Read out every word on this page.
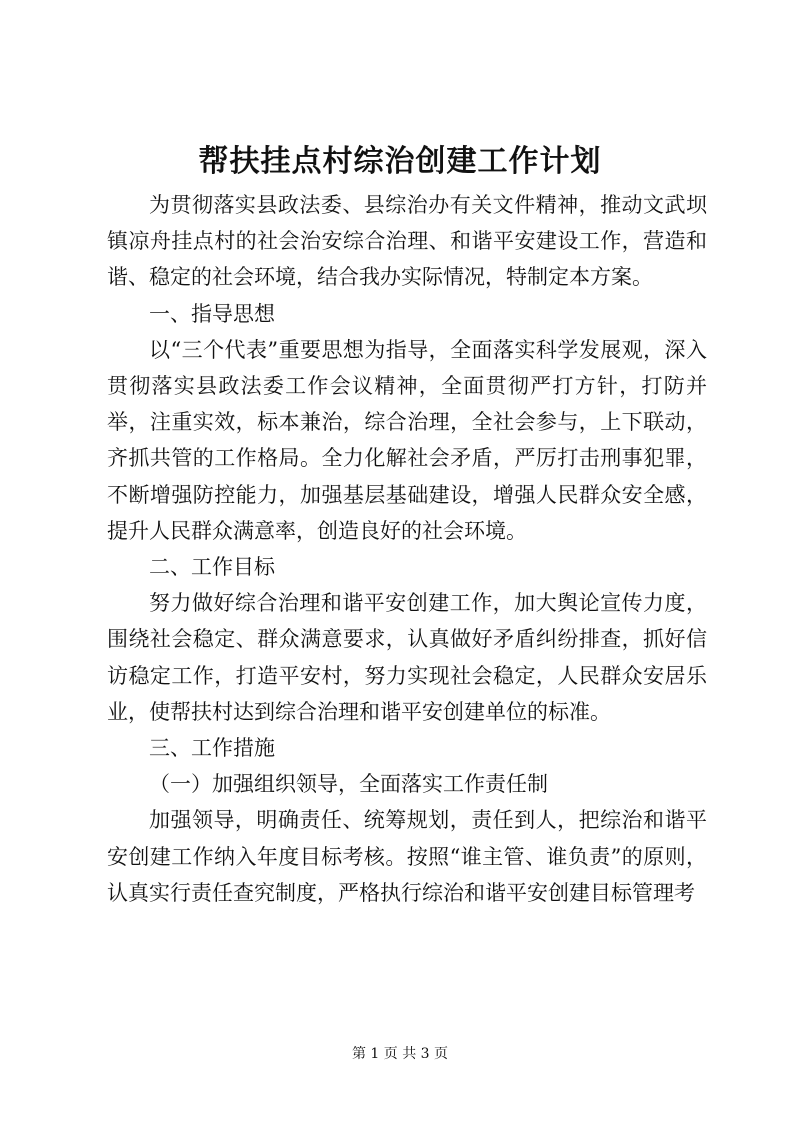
帮扶挂点村综治创建工作计划

为贯彻落实县政法委、县综治办有关文件精神，推动文武坝镇凉舟挂点村的社会治安综合治理、和谐平安建设工作，营造和谐、稳定的社会环境，结合我办实际情况，特制定本方案。

一、指导思想

以“三个代表”重要思想为指导，全面落实科学发展观，深入贯彻落实县政法委工作会议精神，全面贯彻严打方针，打防并举，注重实效，标本兼治，综合治理，全社会参与，上下联动，齐抓共管的工作格局。全力化解社会矛盾，严厉打击刑事犯罪，不断增强防控能力，加强基层基础建设，增强人民群众安全感，提升人民群众满意率，创造良好的社会环境。

二、工作目标

努力做好综合治理和谐平安创建工作，加大舆论宣传力度，围绕社会稳定、群众满意要求，认真做好矛盾纠纷排查，抓好信访稳定工作，打造平安村，努力实现社会稳定，人民群众安居乐业，使帮扶村达到综合治理和谐平安创建单位的标准。

三、工作措施

（一）加强组织领导，全面落实工作责任制

加强领导，明确责任、统筹规划，责任到人，把综治和谐平安创建工作纳入年度目标考核。按照“谁主管、谁负责”的原则，认真实行责任查究制度，严格执行综治和谐平安创建目标管理考

第 1 页 共 3 页
